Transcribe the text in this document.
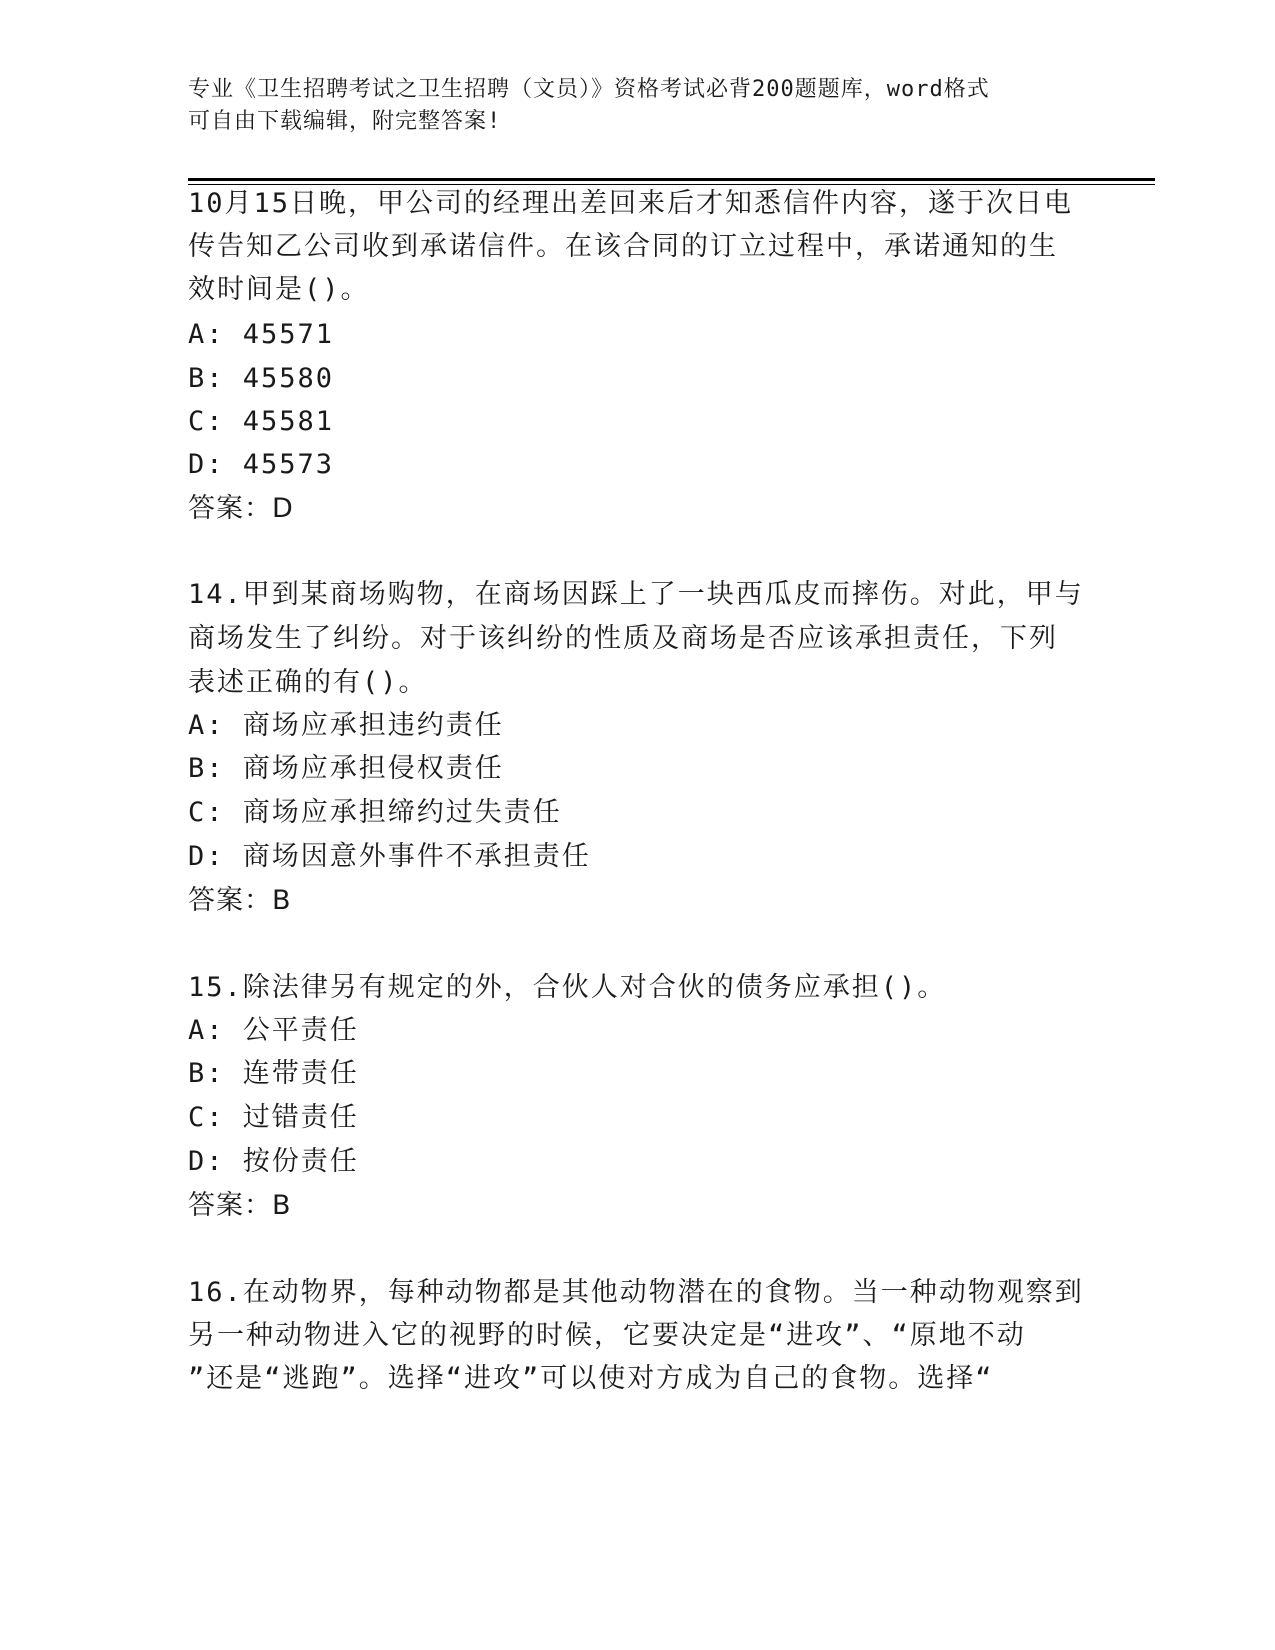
专业《卫生招聘考试之卫生招聘（文员）》资格考试必背200题题库，word格式
可自由下载编辑，附完整答案!
10月15日晚，甲公司的经理出差回来后才知悉信件内容，遂于次日电
传告知乙公司收到承诺信件。在该合同的订立过程中，承诺通知的生
效时间是()。
A: 45571
B: 45580
C: 45581
D: 45573
答案：D
14.甲到某商场购物，在商场因踩上了一块西瓜皮而摔伤。对此，甲与
商场发生了纠纷。对于该纠纷的性质及商场是否应该承担责任，下列
表述正确的有()。
A: 商场应承担违约责任
B: 商场应承担侵权责任
C: 商场应承担缔约过失责任
D: 商场因意外事件不承担责任
答案：B
15.除法律另有规定的外，合伙人对合伙的债务应承担()。
A: 公平责任
B: 连带责任
C: 过错责任
D: 按份责任
答案：B
16.在动物界，每种动物都是其他动物潜在的食物。当一种动物观察到
另一种动物进入它的视野的时候，它要决定是“进攻”、“原地不动
”还是“逃跑”。选择“进攻”可以使对方成为自己的食物。选择“
